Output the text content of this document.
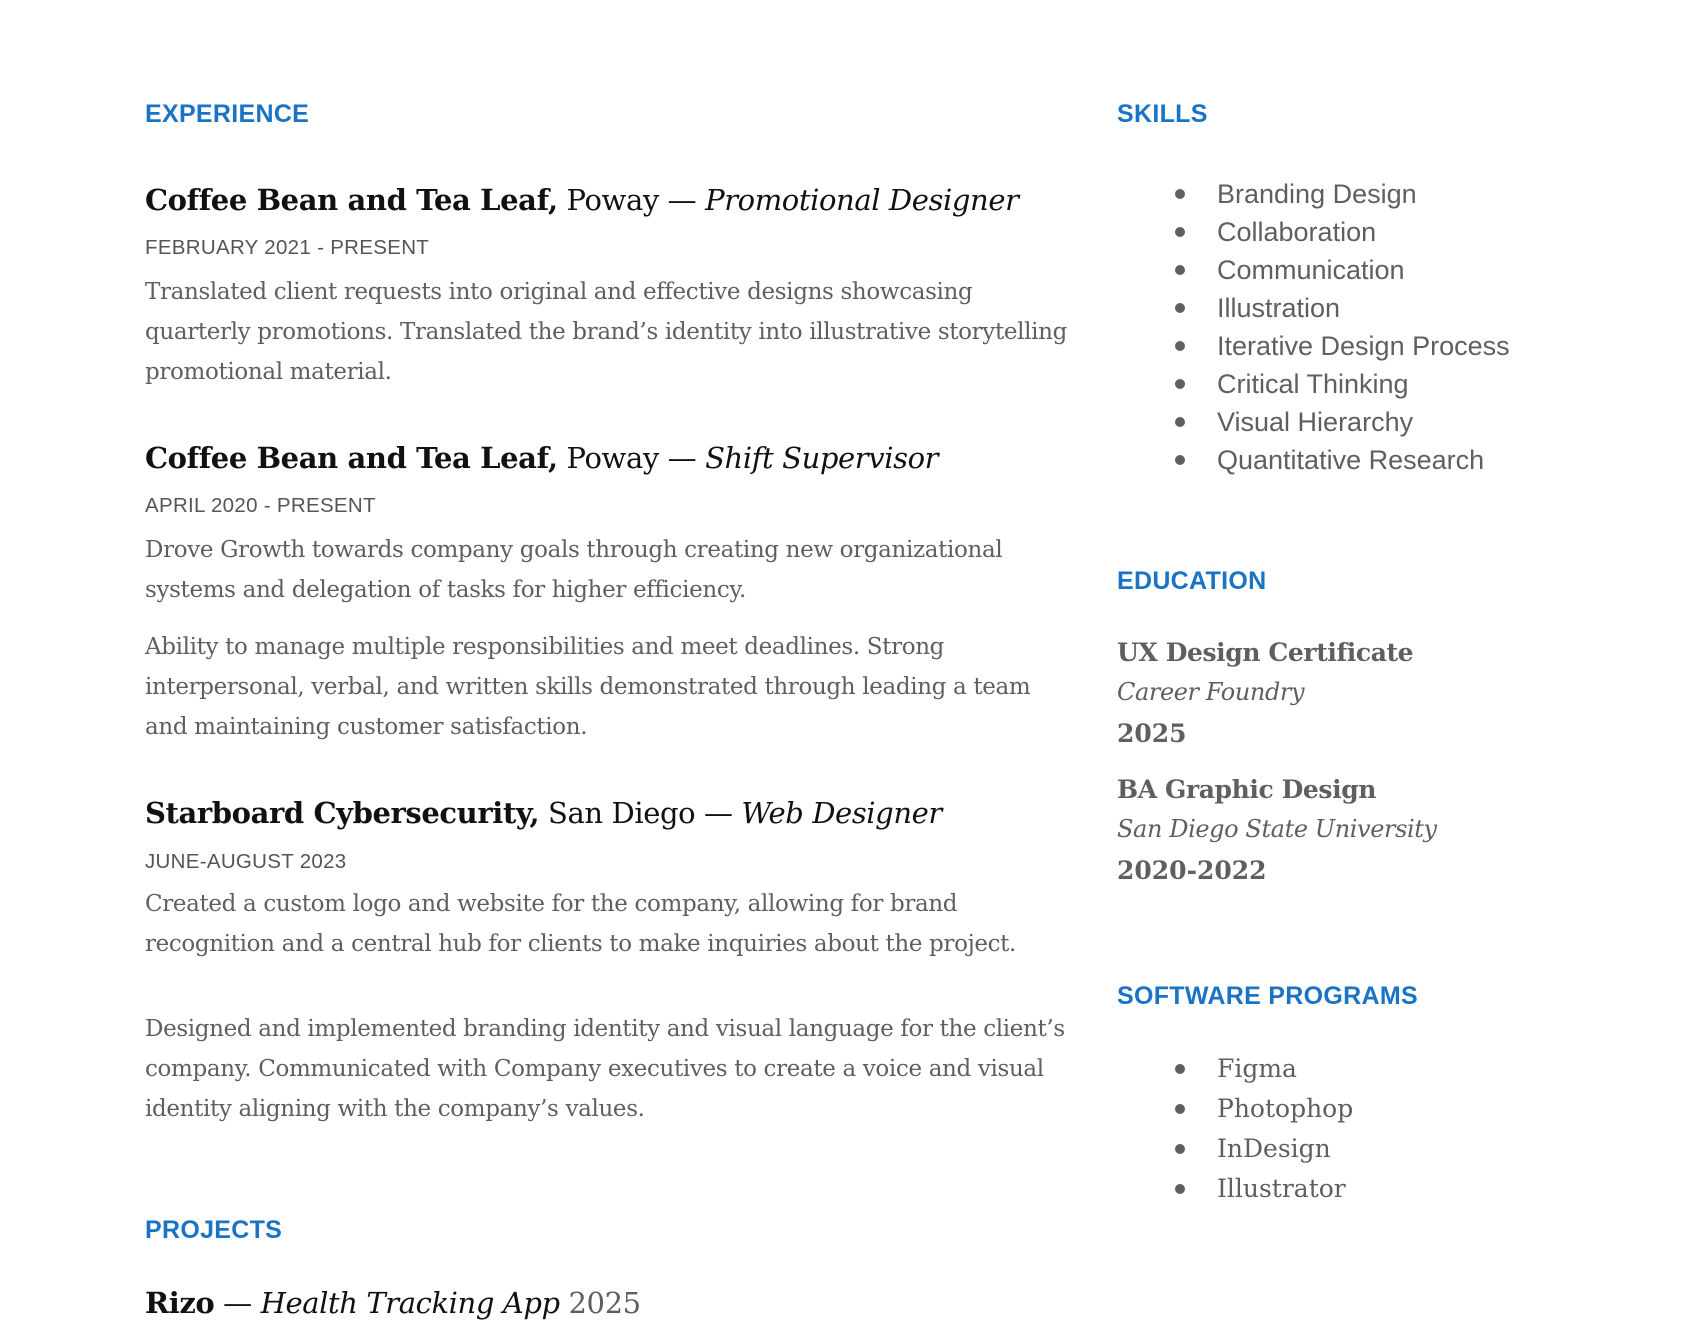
EXPERIENCE
Coffee Bean and Tea Leaf, Poway — Promotional Designer
FEBRUARY 2021 - PRESENT

Translated client requests into original and effective designs showcasing quarterly promotions. Translated the brand’s identity into illustrative storytelling promotional material.

Coffee Bean and Tea Leaf, Poway — Shift Supervisor
APRIL 2020 - PRESENT

Drove Growth towards company goals through creating new organizational systems and delegation of tasks for higher efficiency.

Ability to manage multiple responsibilities and meet deadlines. Strong interpersonal, verbal, and written skills demonstrated through leading a team and maintaining customer satisfaction.

Starboard Cybersecurity, San Diego — Web Designer
JUNE-AUGUST 2023

Created a custom logo and website for the company, allowing for brand recognition and a central hub for clients to make inquiries about the project.

Designed and implemented branding identity and visual language for the client’s company. Communicated with Company executives to create a voice and visual identity aligning with the company’s values.

PROJECTS
Rizo — Health Tracking App 2025
SKILLS
Branding Design
Collaboration
Communication
Illustration
Iterative Design Process
Critical Thinking
Visual Hierarchy
Quantitative Research
EDUCATION
UX Design Certificate
Career Foundry
2025
BA Graphic Design
San Diego State University
2020-2022
SOFTWARE PROGRAMS
Figma
Photophop
InDesign
Illustrator
